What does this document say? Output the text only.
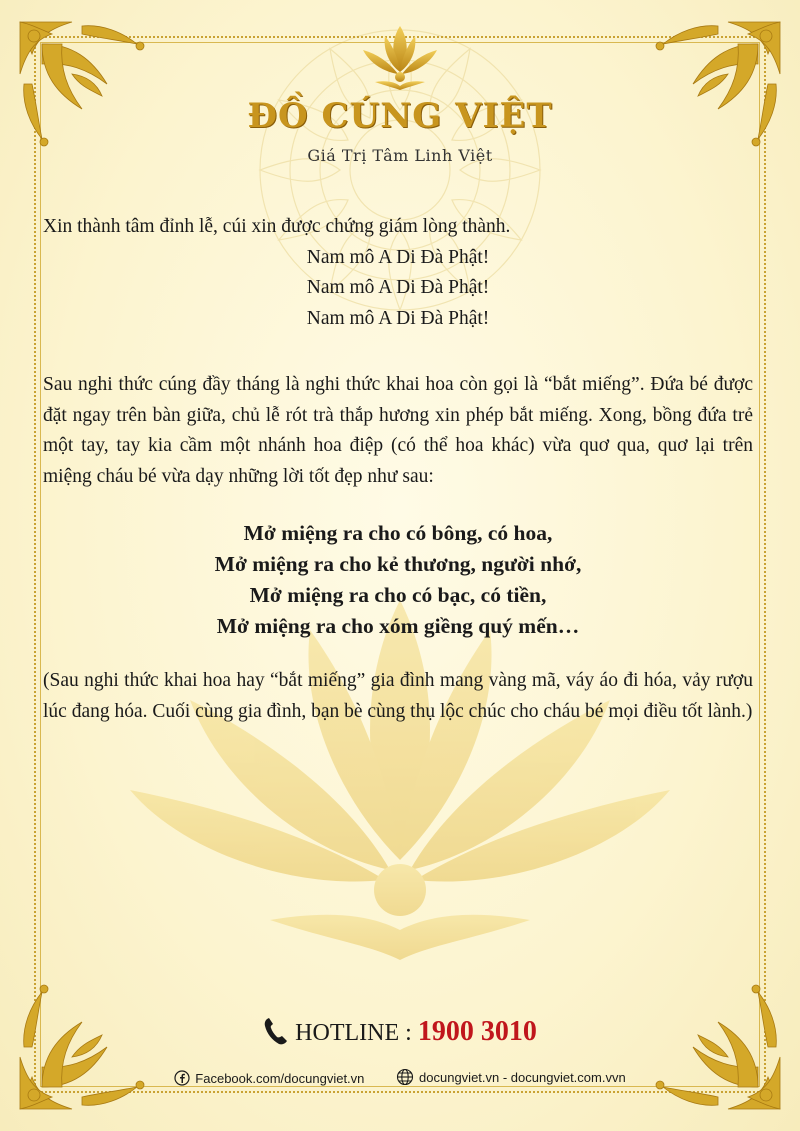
ĐỒ CÚNG VIỆT
Giá Trị Tâm Linh Việt

Xin thành tâm đỉnh lễ, cúi xin được chứng giám lòng thành.

Nam mô A Di Đà Phật!

Nam mô A Di Đà Phật!

Nam mô A Di Đà Phật!

Sau nghi thức cúng đầy tháng là nghi thức khai hoa còn gọi là “bắt miếng”. Đứa bé được đặt ngay trên bàn giữa, chủ lễ rót trà thắp hương xin phép bắt miếng. Xong, bồng đứa trẻ một tay, tay kia cầm một nhánh hoa điệp (có thể hoa khác) vừa quơ qua, quơ lại trên miệng cháu bé vừa dạy những lời tốt đẹp như sau:

Mở miệng ra cho có bông, có hoa,

Mở miệng ra cho kẻ thương, người nhớ,

Mở miệng ra cho có bạc, có tiền,

Mở miệng ra cho xóm giềng quý mến…

(Sau nghi thức khai hoa hay “bắt miếng” gia đình mang vàng mã, váy áo đi hóa, vảy rượu lúc đang hóa. Cuối cùng gia đình, bạn bè cùng thụ lộc chúc cho cháu bé mọi điều tốt lành.)

HOTLINE : 1900 3010
Facebook.com/docungviet.vn
	docungviet.vn - docungviet.com.vvn
